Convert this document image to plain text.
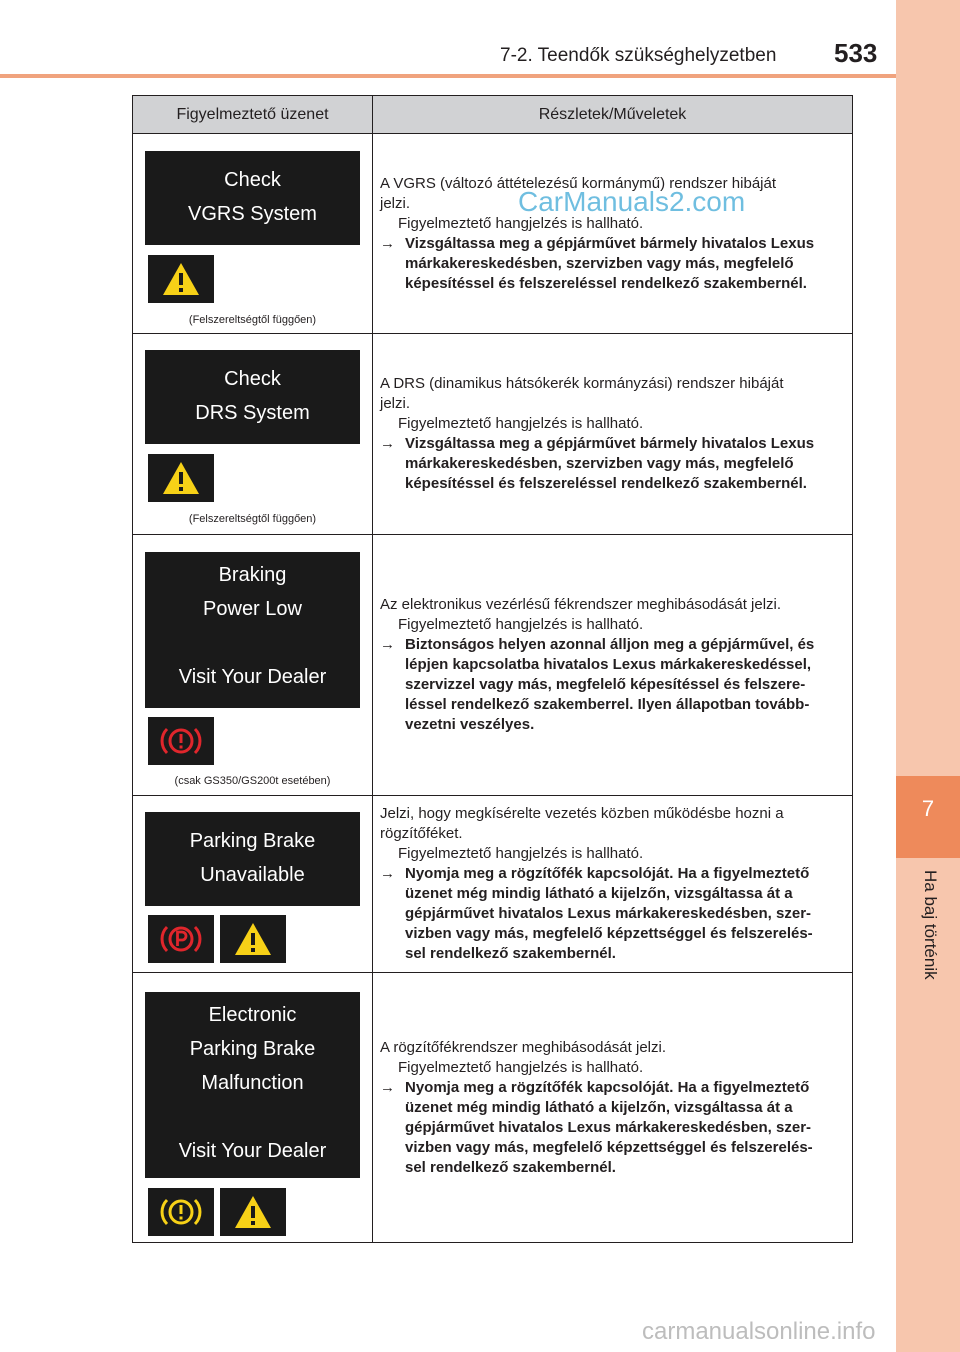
7-2. Teendők szükséghelyzetben 533
7
Ha baj történik
Figyelmeztető üzenet	Részletek/Műveletek
Check
VGRS System
(Felszereltségtől függően)
A VGRS (változó áttételezésű kormánymű) rendszer hibáját
jelzi.
Figyelmeztető hangjelzés is hallható.
→ Vizsgáltassa meg a gépjárművet bármely hivatalos Lexus
márkakereskedésben, szervizben vagy más, megfelelő
képesítéssel és felszereléssel rendelkező szakembernél.
Check
DRS System
(Felszereltségtől függően)
A DRS (dinamikus hátsókerék kormányzási) rendszer hibáját
jelzi.
Figyelmeztető hangjelzés is hallható.
→ Vizsgáltassa meg a gépjárművet bármely hivatalos Lexus
márkakereskedésben, szervizben vagy más, megfelelő
képesítéssel és felszereléssel rendelkező szakembernél.
Braking
Power Low
Visit Your Dealer
(csak GS350/GS200t esetében)
Az elektronikus vezérlésű fékrendszer meghibásodását jelzi.
Figyelmeztető hangjelzés is hallható.
→ Biztonságos helyen azonnal álljon meg a gépjárművel, és
lépjen kapcsolatba hivatalos Lexus márkakereskedéssel,
szervizzel vagy más, megfelelő képesítéssel és felszere-
léssel rendelkező szakemberrel. Ilyen állapotban tovább-
vezetni veszélyes.
Parking Brake
Unavailable
Jelzi, hogy megkísérelte vezetés közben működésbe hozni a
rögzítőféket.
Figyelmeztető hangjelzés is hallható.
→ Nyomja meg a rögzítőfék kapcsolóját. Ha a figyelmeztető
üzenet még mindig látható a kijelzőn, vizsgáltassa át a
gépjárművet hivatalos Lexus márkakereskedésben, szer-
vizben vagy más, megfelelő képzettséggel és felszerelés-
sel rendelkező szakembernél.
Electronic
Parking Brake
Malfunction
Visit Your Dealer
A rögzítőfékrendszer meghibásodását jelzi.
Figyelmeztető hangjelzés is hallható.
→ Nyomja meg a rögzítőfék kapcsolóját. Ha a figyelmeztető
üzenet még mindig látható a kijelzőn, vizsgáltassa át a
gépjárművet hivatalos Lexus márkakereskedésben, szer-
vizben vagy más, megfelelő képzettséggel és felszerelés-
sel rendelkező szakembernél.
CarManuals2.com
carmanualsonline.info
